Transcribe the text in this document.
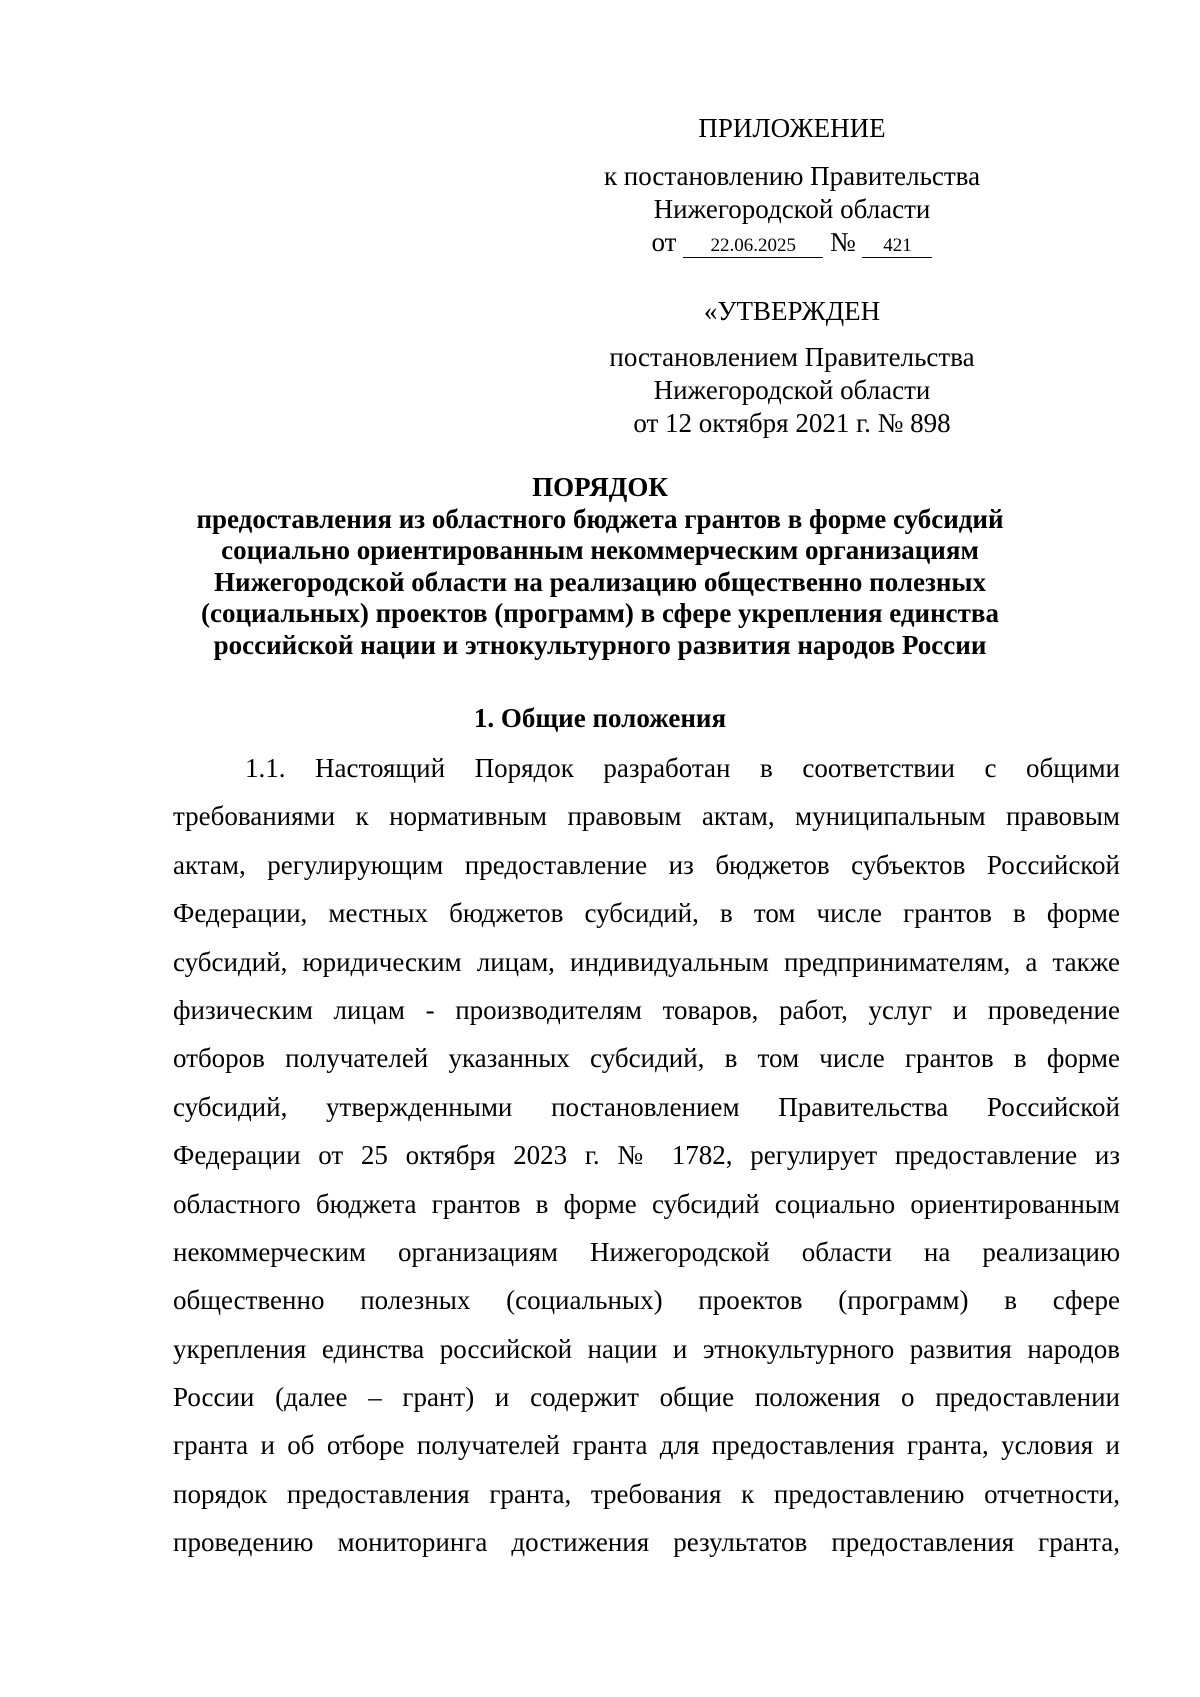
ПРИЛОЖЕНИЕ
к постановлению Правительства
Нижегородской области
от 22.06.2025 № 421
«УТВЕРЖДЕН
постановлением Правительства
Нижегородской области
от 12 октября 2021 г. № 898
ПОРЯДОК
предоставления из областного бюджета грантов в форме субсидий
социально ориентированным некоммерческим организациям
Нижегородской области на реализацию общественно полезных
(социальных) проектов (программ) в сфере укрепления единства
российской нации и этнокультурного развития народов России
1. Общие положения
1.1. Настоящий Порядок разработан в соответствии с общими
требованиями к нормативным правовым актам, муниципальным правовым
актам, регулирующим предоставление из бюджетов субъектов Российской
Федерации, местных бюджетов субсидий, в том числе грантов в форме
субсидий, юридическим лицам, индивидуальным предпринимателям, а также
физическим лицам - производителям товаров, работ, услуг и проведение
отборов получателей указанных субсидий, в том числе грантов в форме
субсидий, утвержденными постановлением Правительства Российской
Федерации от 25 октября 2023 г. № 1782, регулирует предоставление из
областного бюджета грантов в форме субсидий социально ориентированным
некоммерческим организациям Нижегородской области на реализацию
общественно полезных (социальных) проектов (программ) в сфере
укрепления единства российской нации и этнокультурного развития народов
России (далее – грант) и содержит общие положения о предоставлении
гранта и об отборе получателей гранта для предоставления гранта, условия и
порядок предоставления гранта, требования к предоставлению отчетности,
проведению мониторинга достижения результатов предоставления гранта,
